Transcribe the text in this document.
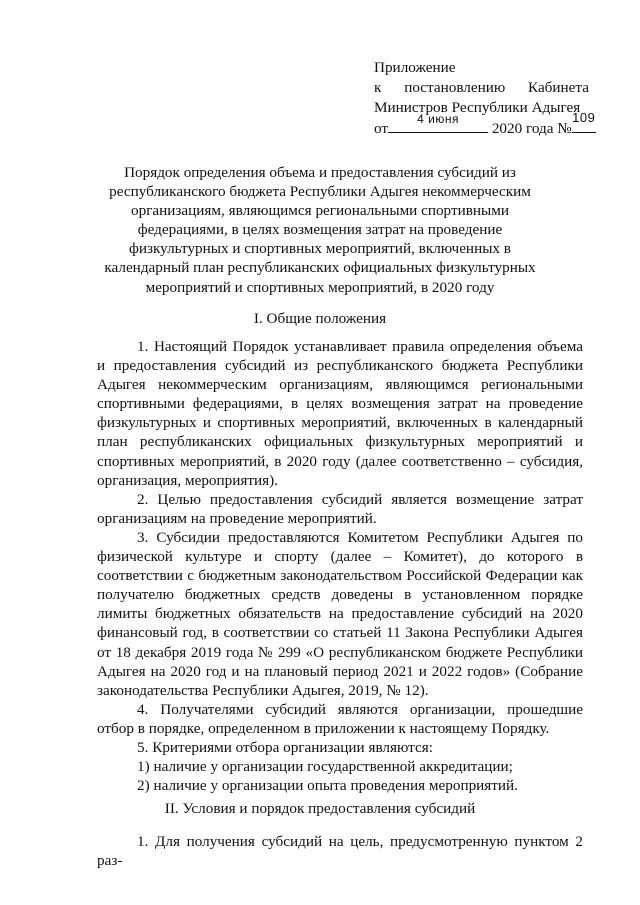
Приложение
к постановлению Кабинета
Министров Республики Адыгея
от
4 июня
2020 года №
109
Порядок определения объема и предоставления субсидий из республиканского бюджета Республики Адыгея некоммерческим организациям, являющимся региональными спортивными федерациями, в целях возмещения затрат на проведение физкультурных и спортивных мероприятий, включенных в календарный план республиканских официальных физкультурных мероприятий и спортивных мероприятий, в 2020 году
I. Общие положения

1. Настоящий Порядок устанавливает правила определения объема и предоставления субсидий из республиканского бюджета Республики Адыгея некоммерческим организациям, являющимся региональными спортивными федерациями, в целях возмещения затрат на проведение физкультурных и спортивных мероприятий, включенных в календарный план республиканских официальных физкультурных мероприятий и спортивных мероприятий, в 2020 году (далее соответственно – субсидия, организация, мероприятия).

2. Целью предоставления субсидий является возмещение затрат организациям на проведение мероприятий.

3. Субсидии предоставляются Комитетом Республики Адыгея по физической культуре и спорту (далее – Комитет), до которого в соответствии с бюджетным законодательством Российской Федерации как получателю бюджетных средств доведены в установленном порядке лимиты бюджетных обязательств на предоставление субсидий на 2020 финансовый год, в соответствии со статьей 11 Закона Республики Адыгея от 18 декабря 2019 года № 299 «О республиканском бюджете Республики Адыгея на 2020 год и на плановый период 2021 и 2022 годов» (Собрание законодательства Республики Адыгея, 2019, № 12).

4. Получателями субсидий являются организации, прошедшие отбор в порядке, определенном в приложении к настоящему Порядку.

5. Критериями отбора организации являются:

1) наличие у организации государственной аккредитации;

2) наличие у организации опыта проведения мероприятий.

II. Условия и порядок предоставления субсидий

1. Для получения субсидий на цель, предусмотренную пунктом 2 раз-
